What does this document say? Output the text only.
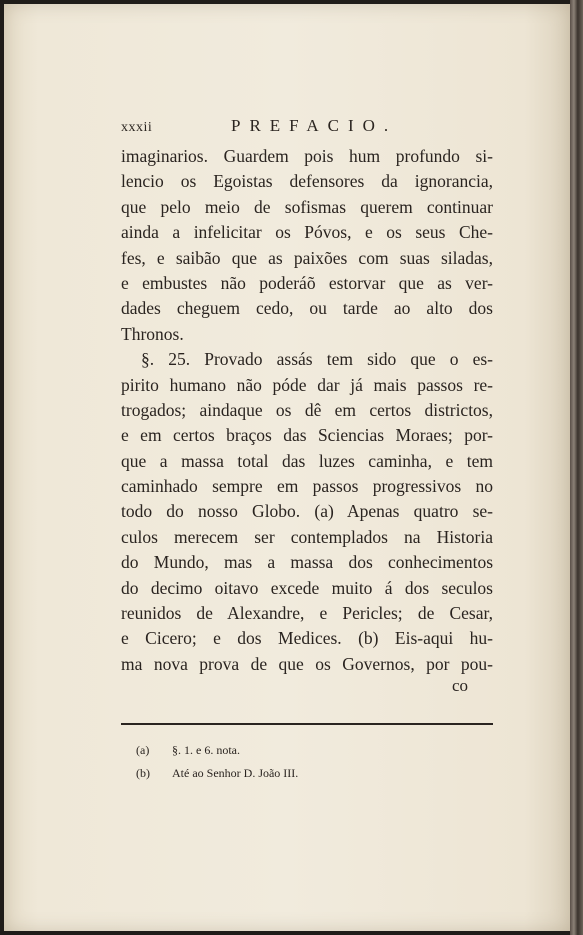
xxxii	PREFACIO.
imaginarios. Guardem pois hum profundo si-
lencio os Egoistas defensores da ignorancia,
que pelo meio de sofismas querem continuar
ainda a infelicitar os Póvos, e os seus Che-
fes, e saibão que as paixões com suas siladas,
e embustes não poderáõ estorvar que as ver-
dades cheguem cedo, ou tarde ao alto dos
Thronos.
§. 25. Provado assás tem sido que o es-
pirito humano não póde dar já mais passos re-
trogados; aindaque os dê em certos districtos,
e em certos braços das Sciencias Moraes; por-
que a massa total das luzes caminha, e tem
caminhado sempre em passos progressivos no
todo do nosso Globo. (a) Apenas quatro se-
culos merecem ser contemplados na Historia
do Mundo, mas a massa dos conhecimentos
do decimo oitavo excede muito á dos seculos
reunidos de Alexandre, e Pericles; de Cesar,
e Cicero; e dos Medices. (b) Eis-aqui hu-
ma nova prova de que os Governos, por pou-
co
(a) §. 1. e 6. nota.
(b) Até ao Senhor D. João III.
